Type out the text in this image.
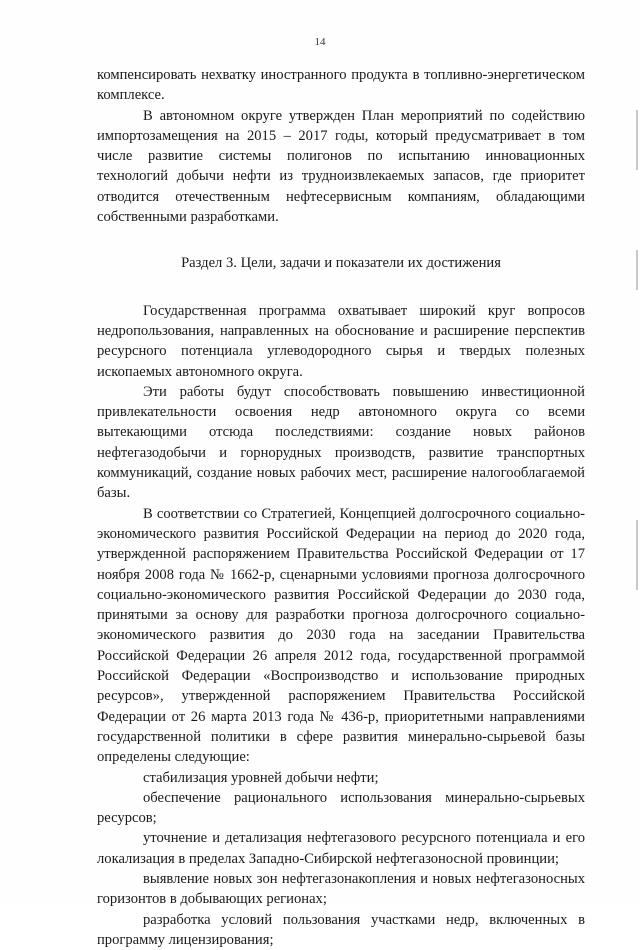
14

компенсировать нехватку иностранного продукта в топливно-энергетическом комплексе.

В автономном округе утвержден План мероприятий по содействию импортозамещения на 2015 – 2017 годы, который предусматривает в том числе развитие системы полигонов по испытанию инновационных технологий добычи нефти из трудноизвлекаемых запасов, где приоритет отводится отечественным нефтесервисным компаниям, обладающими собственными разработками.

Раздел 3. Цели, задачи и показатели их достижения

Государственная программа охватывает широкий круг вопросов недропользования, направленных на обоснование и расширение перспектив ресурсного потенциала углеводородного сырья и твердых полезных ископаемых автономного округа.

Эти работы будут способствовать повышению инвестиционной привлекательности освоения недр автономного округа со всеми вытекающими отсюда последствиями: создание новых районов нефтегазодобычи и горнорудных производств, развитие транспортных коммуникаций, создание новых рабочих мест, расширение налогооблагаемой базы.

В соответствии со Стратегией, Концепцией долгосрочного социально-экономического развития Российской Федерации на период до 2020 года, утвержденной распоряжением Правительства Российской Федерации от 17 ноября 2008 года № 1662-р, сценарными условиями прогноза долгосрочного социально-экономического развития Российской Федерации до 2030 года, принятыми за основу для разработки прогноза долгосрочного социально-экономического развития до 2030 года на заседании Правительства Российской Федерации 26 апреля 2012 года, государственной программой Российской Федерации «Воспроизводство и использование природных ресурсов», утвержденной распоряжением Правительства Российской Федерации от 26 марта 2013 года № 436-р, приоритетными направлениями государственной политики в сфере развития минерально-сырьевой базы определены следующие:

стабилизация уровней добычи нефти;

обеспечение рационального использования минерально-сырьевых ресурсов;

уточнение и детализация нефтегазового ресурсного потенциала и его локализация в пределах Западно-Сибирской нефтегазоносной провинции;

выявление новых зон нефтегазонакопления и новых нефтегазоносных горизонтов в добывающих регионах;

разработка условий пользования участками недр, включенных в программу лицензирования;
